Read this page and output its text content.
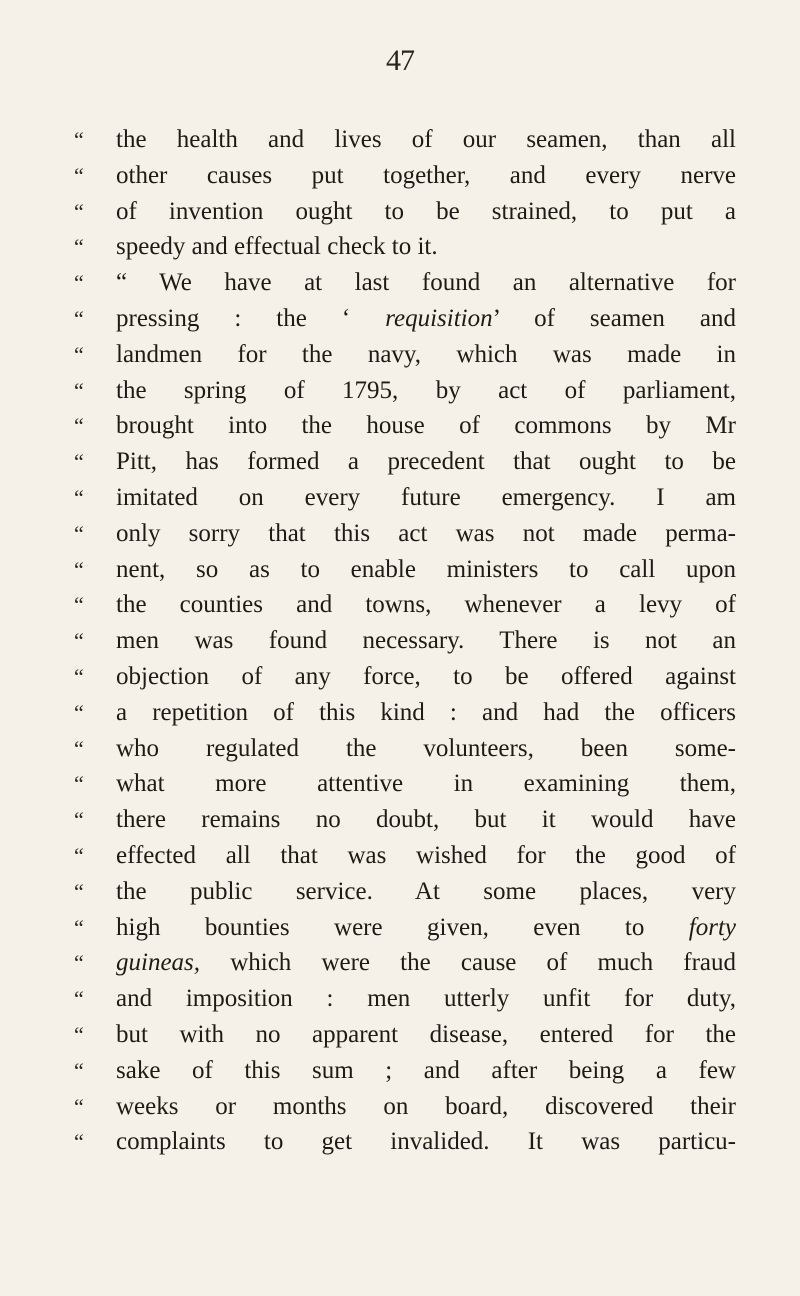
47
“	the health and lives of our seamen, than all
“	other causes put together, and every nerve
“	of invention ought to be strained, to put a
“	speedy and effectual check to it.
“	“ We have at last found an alternative for
“	pressing : the ‘ requisition’ of seamen and
“	landmen for the navy, which was made in
“	the spring of 1795, by act of parliament,
“	brought into the house of commons by Mr
“	Pitt, has formed a precedent that ought to be
“	imitated on every future emergency. I am
“	only sorry that this act was not made perma-
“	nent, so as to enable ministers to call upon
“	the counties and towns, whenever a levy of
“	men was found necessary. There is not an
“	objection of any force, to be offered against
“	a repetition of this kind : and had the officers
“	who regulated the volunteers, been some-
“	what more attentive in examining them,
“	there remains no doubt, but it would have
“	effected all that was wished for the good of
“	the public service. At some places, very
“	high bounties were given, even to forty
“	guineas, which were the cause of much fraud
“	and imposition : men utterly unfit for duty,
“	but with no apparent disease, entered for the
“	sake of this sum ; and after being a few
“	weeks or months on board, discovered their
“	complaints to get invalided. It was particu-
